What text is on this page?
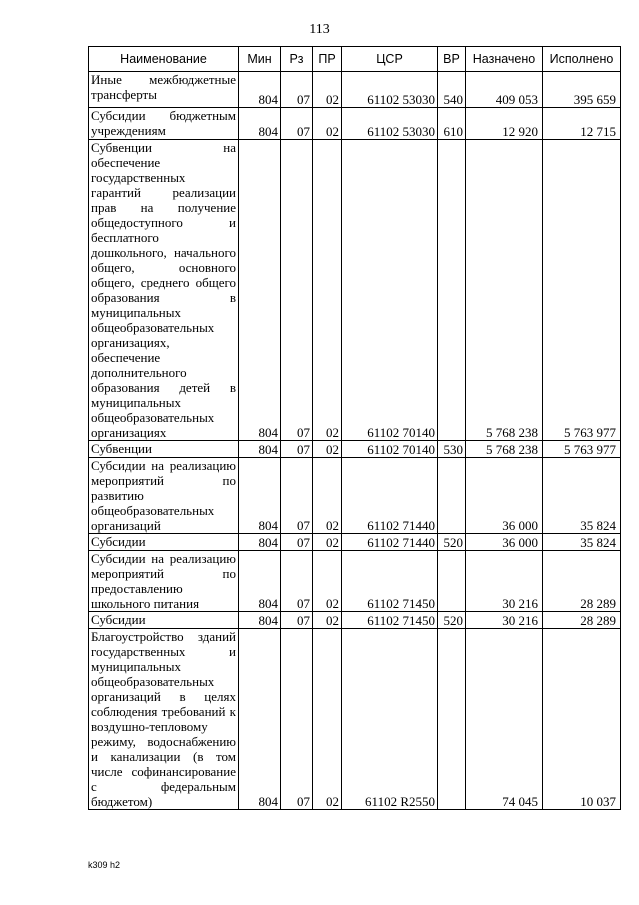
113
Наименование	Мин	Рз	ПР	ЦСР	ВР	Назначено	Исполнено
Иные межбюджетные трансферты	804	07	02	61102 53030	540	409 053	395 659
Субсидии бюджетным учреждениям	804	07	02	61102 53030	610	12 920	12 715
Субвенции на обеспечение государственных гарантий реализации прав на получение общедоступного и бесплатного дошкольного, начального общего, основного общего, среднего общего образования в муниципальных общеобразовательных организациях, обеспечение дополнительного образования детей в муниципальных общеобразовательных организациях	804	07	02	61102 70140		5 768 238	5 763 977
Субвенции	804	07	02	61102 70140	530	5 768 238	5 763 977
Субсидии на реализацию мероприятий по развитию общеобразовательных организаций	804	07	02	61102 71440		36 000	35 824
Субсидии	804	07	02	61102 71440	520	36 000	35 824
Субсидии на реализацию мероприятий по предоставлению школьного питания	804	07	02	61102 71450		30 216	28 289
Субсидии	804	07	02	61102 71450	520	30 216	28 289
Благоустройство зданий государственных и муниципальных общеобразовательных организаций в целях соблюдения требований к воздушно-тепловому режиму, водоснабжению и канализации (в том числе софинансирование с федеральным бюджетом)	804	07	02	61102 R2550		74 045	10 037
k309 h2
